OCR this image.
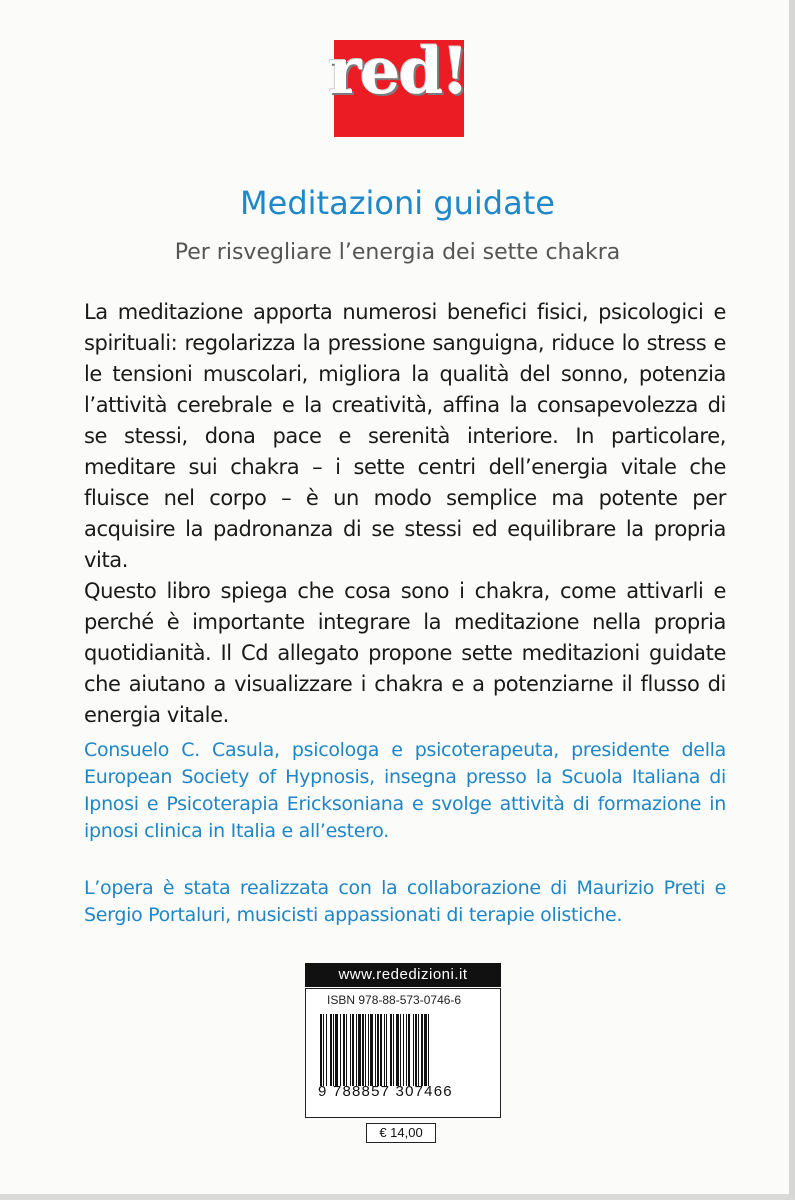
red!
Meditazioni guidate
Per risvegliare l’energia dei sette chakra

La meditazione apporta numerosi benefici fisici, psicologici e spirituali: regolarizza la pressione sanguigna, riduce lo stress e le tensioni muscolari, migliora la qualità del sonno, potenzia l’attività cerebrale e la creatività, affina la consapevolezza di se stessi, dona pace e serenità interiore. In particolare, meditare sui chakra – i sette centri dell’energia vitale che fluisce nel corpo – è un modo semplice ma potente per acquisire la padronanza di se stessi ed equilibrare la propria vita.

Questo libro spiega che cosa sono i chakra, come attivarli e perché è importante integrare la meditazione nella propria quotidianità. Il Cd allegato propone sette meditazioni guidate che aiutano a visualizzare i chakra e a potenziarne il flusso di energia vitale.

Consuelo C. Casula, psicologa e psicoterapeuta, presidente della European Society of Hypnosis, insegna presso la Scuola Italiana di Ipnosi e Psicoterapia Ericksoniana e svolge attività di formazione in ipnosi clinica in Italia e all’estero.
L’opera è stata realizzata con la collaborazione di Maurizio Preti e Sergio Portaluri, musicisti appassionati di terapie olistiche.
www.rededizioni.it
ISBN 978-88-573-0746-6
9 788857 307466
€ 14,00
